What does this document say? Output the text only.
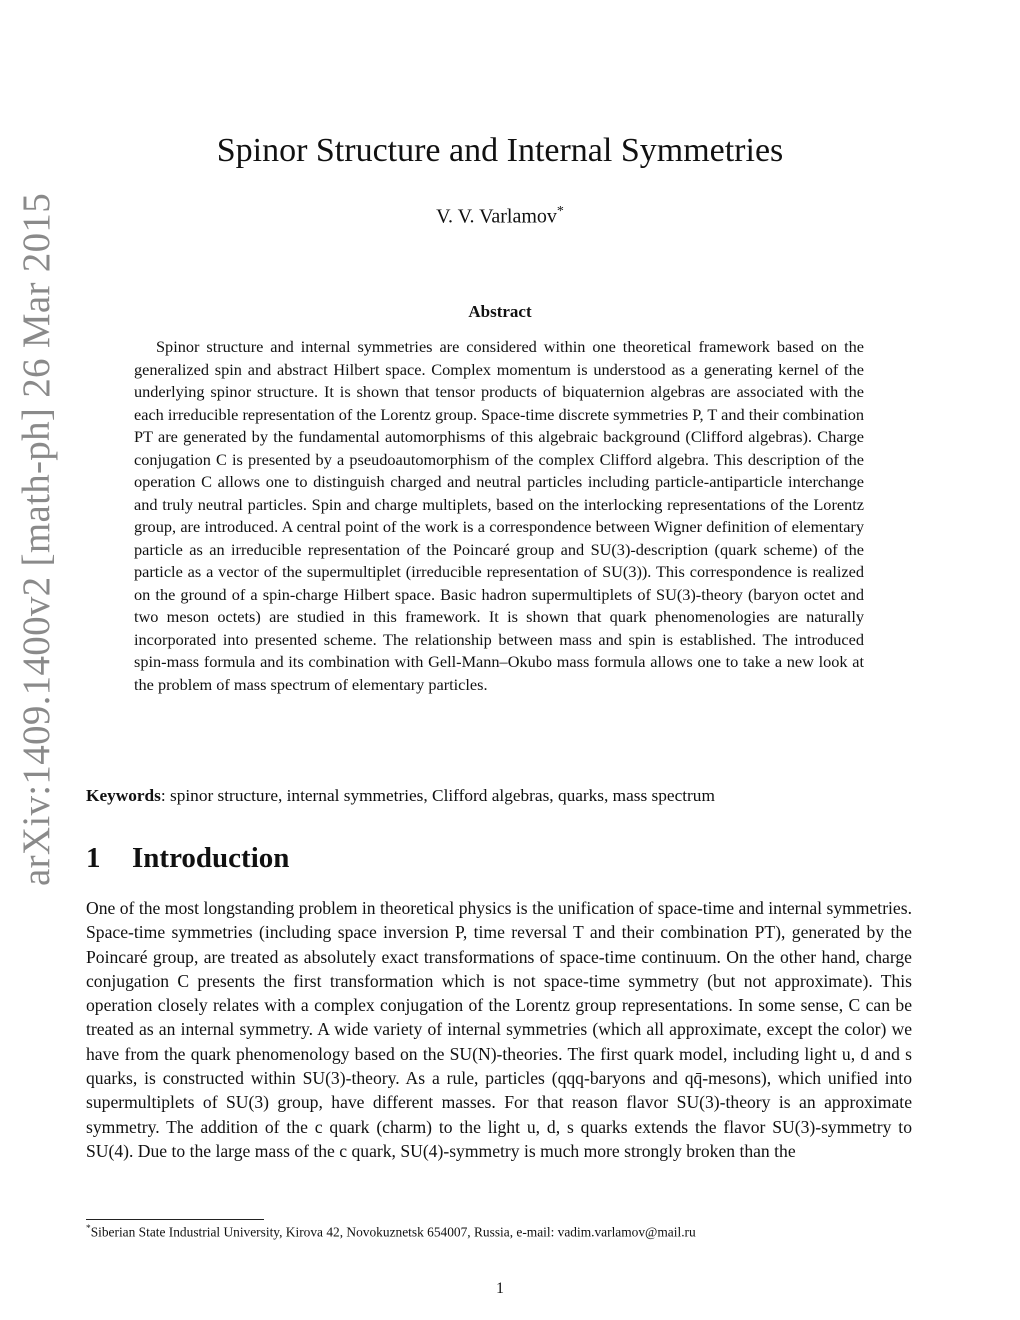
arXiv:1409.1400v2 [math-ph] 26 Mar 2015
Spinor Structure and Internal Symmetries
V. V. Varlamov*
Abstract
Spinor structure and internal symmetries are considered within one theoretical framework based on the generalized spin and abstract Hilbert space. Complex momentum is understood as a generating kernel of the underlying spinor structure. It is shown that tensor products of biquaternion algebras are associated with the each irreducible representation of the Lorentz group. Space-time discrete symmetries P, T and their combination PT are generated by the fundamental automorphisms of this algebraic background (Clifford algebras). Charge conjugation C is presented by a pseudoautomorphism of the complex Clifford algebra. This description of the operation C allows one to distinguish charged and neutral particles including particle-antiparticle interchange and truly neutral particles. Spin and charge multiplets, based on the interlocking representations of the Lorentz group, are introduced. A central point of the work is a correspondence between Wigner definition of elementary particle as an irreducible representation of the Poincaré group and SU(3)-description (quark scheme) of the particle as a vector of the supermultiplet (irreducible representation of SU(3)). This correspondence is realized on the ground of a spin-charge Hilbert space. Basic hadron supermultiplets of SU(3)-theory (baryon octet and two meson octets) are studied in this framework. It is shown that quark phenomenologies are naturally incorporated into presented scheme. The relationship between mass and spin is established. The introduced spin-mass formula and its combination with Gell-Mann–Okubo mass formula allows one to take a new look at the problem of mass spectrum of elementary particles.
Keywords: spinor structure, internal symmetries, Clifford algebras, quarks, mass spectrum
1 Introduction
One of the most longstanding problem in theoretical physics is the unification of space-time and internal symmetries. Space-time symmetries (including space inversion P, time reversal T and their combination PT), generated by the Poincaré group, are treated as absolutely exact transformations of space-time continuum. On the other hand, charge conjugation C presents the first transformation which is not space-time symmetry (but not approximate). This operation closely relates with a complex conjugation of the Lorentz group representations. In some sense, C can be treated as an internal symmetry. A wide variety of internal symmetries (which all approximate, except the color) we have from the quark phenomenology based on the SU(N)-theories. The first quark model, including light u, d and s quarks, is constructed within SU(3)-theory. As a rule, particles (qqq-baryons and qq̄-mesons), which unified into supermultiplets of SU(3) group, have different masses. For that reason flavor SU(3)-theory is an approximate symmetry. The addition of the c quark (charm) to the light u, d, s quarks extends the flavor SU(3)-symmetry to SU(4). Due to the large mass of the c quark, SU(4)-symmetry is much more strongly broken than the
*Siberian State Industrial University, Kirova 42, Novokuznetsk 654007, Russia, e-mail: vadim.varlamov@mail.ru
1
